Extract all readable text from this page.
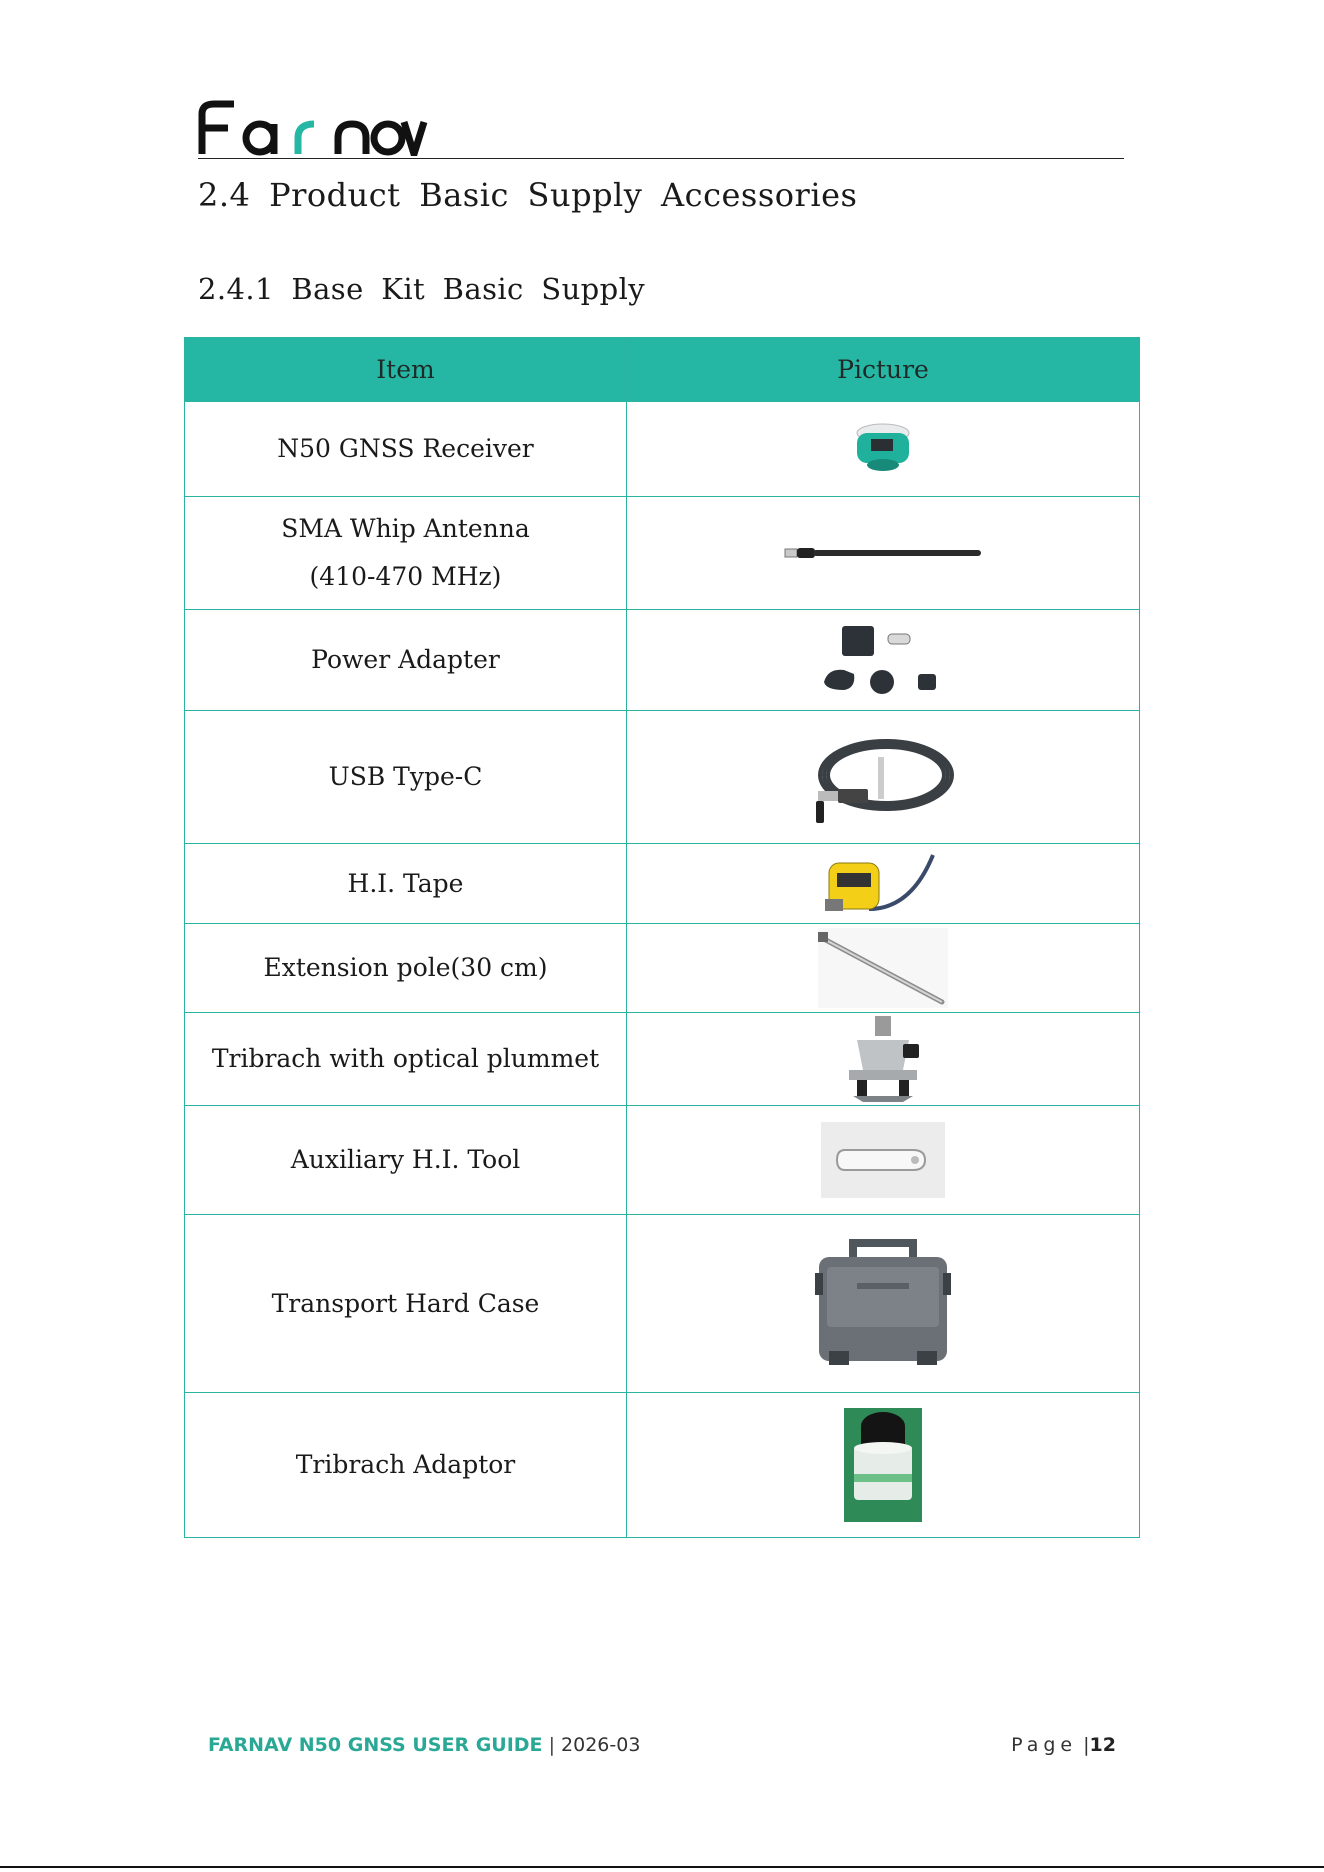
2.4 Product Basic Supply Accessories
2.4.1 Base Kit Basic Supply
Item	Picture
N50 GNSS Receiver	

SMA Whip Antenna
(410-470 MHz)

Power Adapter	

USB Type-C	

H.I. Tape	

Extension pole(30 cm)	

Tribrach with optical plummet	

Auxiliary H.I. Tool	

Transport Hard Case	

Tribrach Adaptor	
FARNAV N50 GNSS USER GUIDE | 2026-03	Page |12
